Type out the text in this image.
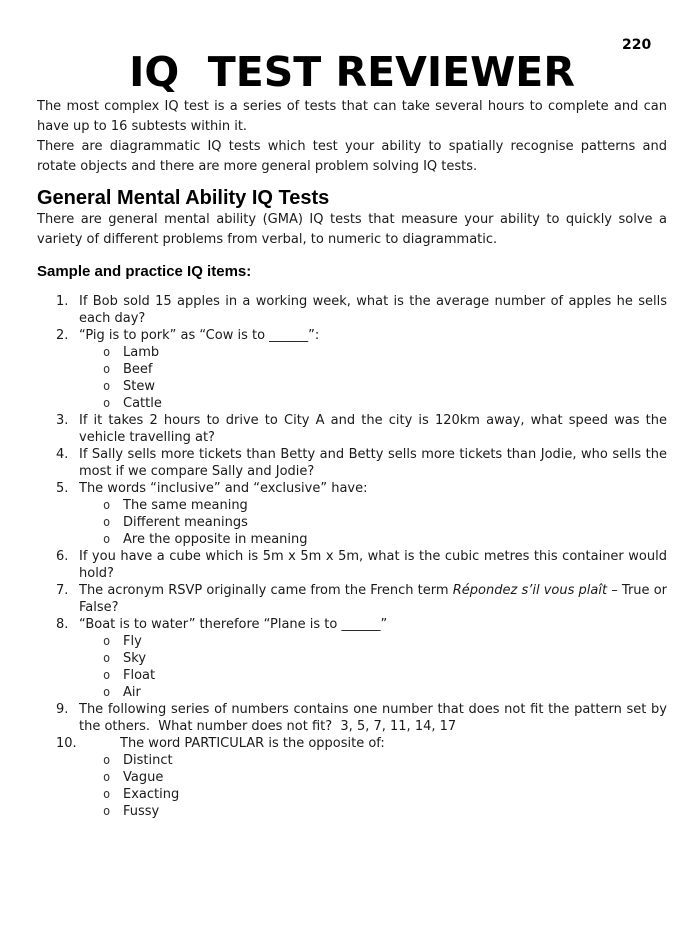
220
IQ  TEST REVIEWER

The most complex IQ test is a series of tests that can take several hours to complete and can have up to 16 subtests within it.

There are diagrammatic IQ tests which test your ability to spatially recognise patterns and rotate objects and there are more general problem solving IQ tests.

General Mental Ability IQ Tests

There are general mental ability (GMA) IQ tests that measure your ability to quickly solve a variety of different problems from verbal, to numeric to diagrammatic.

Sample and practice IQ items:
1. If Bob sold 15 apples in a working week, what is the average number of apples he sells each day?
2. “Pig is to pork” as “Cow is to ______”:
o Lamb
o Beef
o Stew
o Cattle
3. If it takes 2 hours to drive to City A and the city is 120km away, what speed was the vehicle travelling at?
4. If Sally sells more tickets than Betty and Betty sells more tickets than Jodie, who sells the most if we compare Sally and Jodie?
5. The words “inclusive” and “exclusive” have:
o The same meaning
o Different meanings
o Are the opposite in meaning
6. If you have a cube which is 5m x 5m x 5m, what is the cubic metres this container would hold?
7. The acronym RSVP originally came from the French term Répondez s’il vous plaît – True or False?
8. “Boat is to water” therefore “Plane is to ______”
o Fly
o Sky
o Float
o Air
9. The following series of numbers contains one number that does not fit the pattern set by the others.  What number does not fit?  3, 5, 7, 11, 14, 17
10.	The word PARTICULAR is the opposite of:
o Distinct
o Vague
o Exacting
o Fussy
